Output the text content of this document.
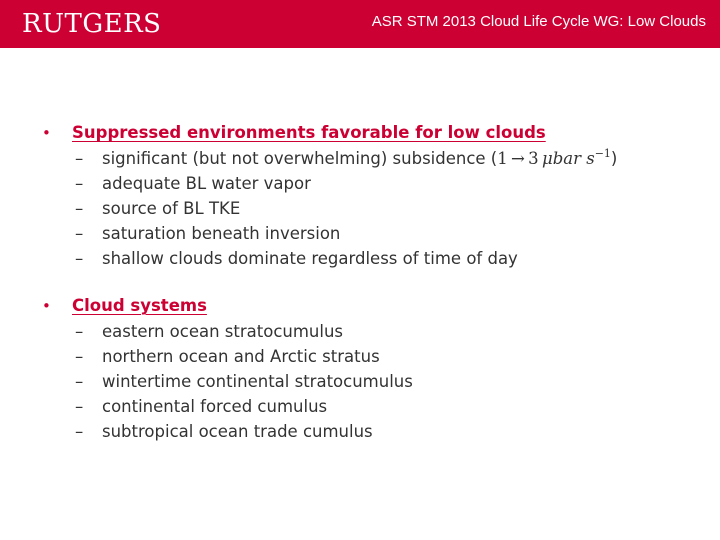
RUTGERS	ASR STM 2013 Cloud Life Cycle WG: Low Clouds
•	Suppressed environments favorable for low clouds
–	significant (but not overwhelming) subsidence (1  →  3  μbar $s^{-1}$)
–	adequate BL water vapor
–	source of BL TKE
–	saturation beneath inversion
–	shallow clouds dominate regardless of time of day
•	Cloud systems
–	eastern ocean stratocumulus
–	northern ocean and Arctic stratus
–	wintertime continental stratocumulus
–	continental forced cumulus
–	subtropical ocean trade cumulus
